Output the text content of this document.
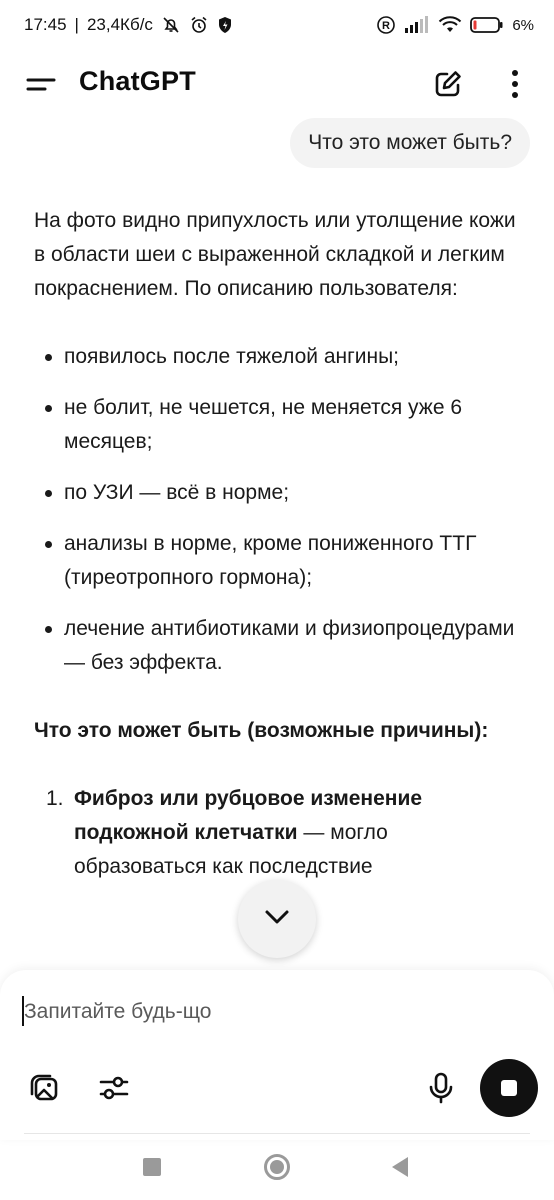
17:45 | 23,4Кб/с	R	6%
ChatGPT
Что это может быть?

На фото видно припухлость или утолщение кожи в области шеи с выраженной складкой и легким покраснением. По описанию пользователя:

появилось после тяжелой ангины;
не болит, не чешется, не меняется уже 6 месяцев;
по УЗИ — всё в норме;
анализы в норме, кроме пониженного ТТГ (тиреотропного гормона);
лечение антибиотиками и физиопроцедурами — без эффекта.

Что это может быть (возможные причины):

1. Фиброз или рубцовое изменение подкожной клетчатки — могло образоваться как последствие
Запитайте будь-що
